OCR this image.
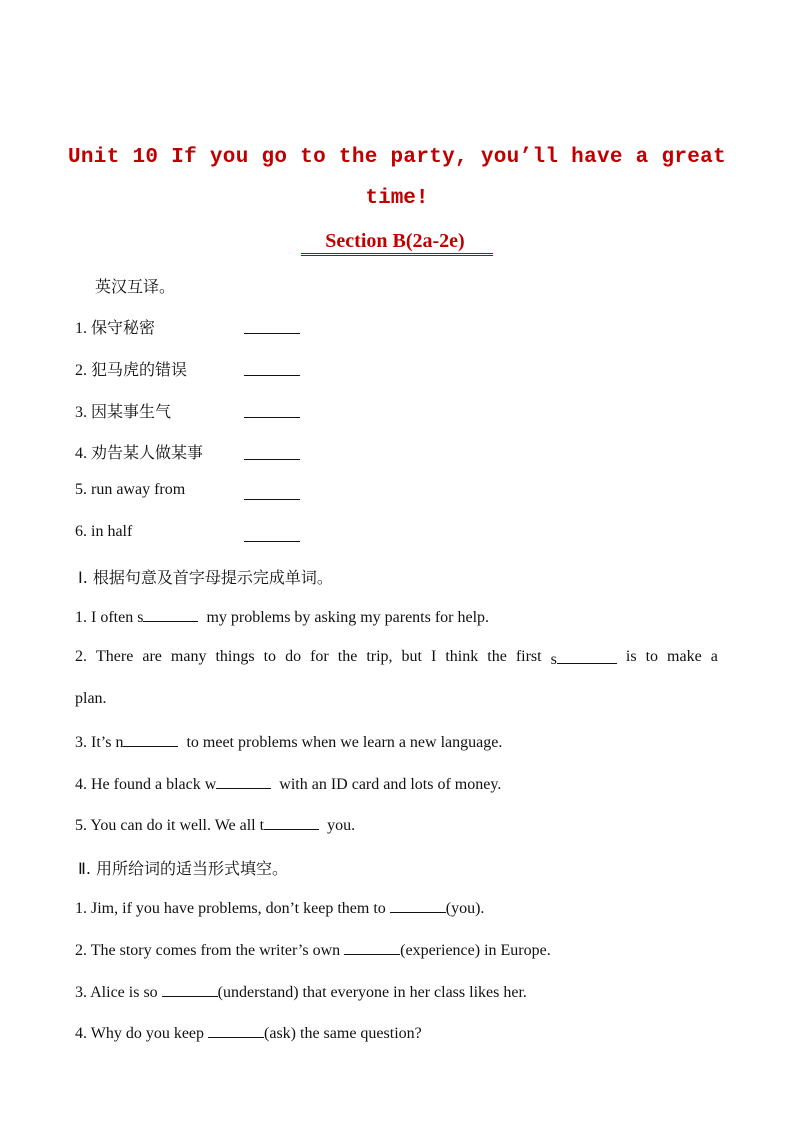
Unit 10 If you go to the party, you’ll have a great
time!
Section B(2a-2e)
英汉互译。
1. 保守秘密
2. 犯马虎的错误
3. 因某事生气
4. 劝告某人做某事
5. run away from
6. in half
Ⅰ. 根据句意及首字母提示完成单词。
1. I often s	my problems by asking my parents for help.
2. There are many things to do for the trip, but I think the first s	is to make a
plan.
3. It’s n	to meet problems when we learn a new language.
4. He found a black w	with an ID card and lots of money.
5. You can do it well. We all t	you.
Ⅱ. 用所给词的适当形式填空。
1. Jim, if you have problems, don’t keep them to	(you).
2. The story comes from the writer’s own	(experience) in Europe.
3. Alice is so	(understand) that everyone in her class likes her.
4. Why do you keep	(ask) the same question?
